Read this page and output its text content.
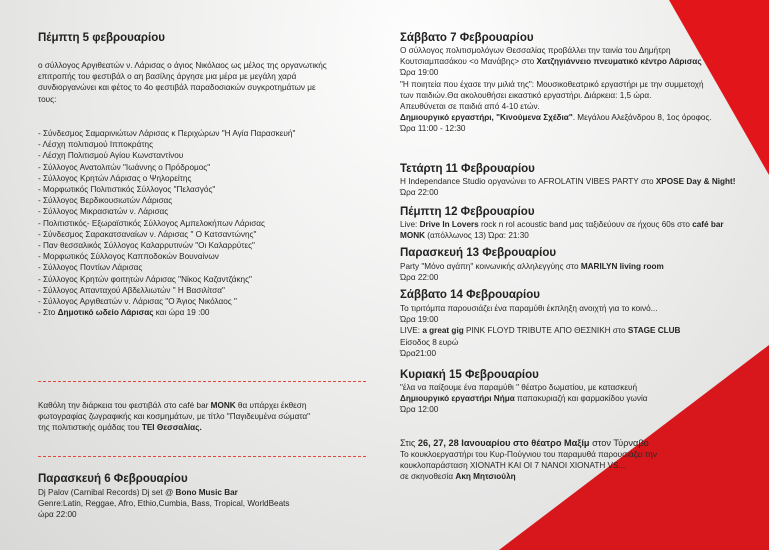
Πέμπτη 5 φεβρουαρίου

ο σύλλογος Αργιθεατών ν. Λάρισας ο άγιος Νικόλαος ως μέλος της οργανωτικής

επιτροπής του φεστιβάλ ο αη βασίλης άργησε μια μέρα με μεγάλη χαρά

συνδιοργανώνει και φέτος το 4ο φεστιβάλ παραδοσιακών συγκροτημάτων με

τους:

- Σύνδεσμος Σαμαρινιώτων Λάρισας κ Περιχώρων "Η Αγία Παρασκευή"

- Λέσχη πολιτισμού Ιπποκράτης

- Λέσχη Πολιτισμού Αγίου Κωνσταντίνου

- Σύλλογος Ανατολιτών "Ιωάννης ο Πρόδρομος"

- Σύλλογος Κρητών Λάρισας ο Ψηλορείτης

- Μορφωτικός Πολιτιστικός Σύλλογος "Πελασγός"

- Σύλλογος Βερδικουσιωτών Λάρισας

- Σύλλογος Μικρασιατών ν. Λάρισας

- Πολιτιστικός- Εξωραϊστικός Σύλλογος Αμπελοκήπων Λάρισας

- Σύνδεσμος Σαρακατσαναίων ν. Λάρισας " Ο Κατσαντώνης"

- Παν θεσσαλικός Σύλλογος Καλαρρυτινών "Οι Καλαρρύτες"

- Μορφωτικός Σύλλογος Καπποδοκών Βουναίνων

- Σύλλογος Ποντίων Λάρισας

- Σύλλογος Κρητών φοιτητών Λάρισας "Νίκος Καζαντζάκης"

- Σύλλογος Απανταχού Αβδελλιωτών " Η Βασιλίτσα"

- Σύλλογος Αργιθεατών ν. Λάρισας "Ο Άγιος Νικόλαος "

- Στο Δημοτικό ωδείο Λάρισας και ώρα 19 :00

Καθόλη την διάρκεια του φεστιβάλ στο café bar MONK θα υπάρχει έκθεση

φωτογραφίας ζωγραφικής και κοσμημάτων, με τίτλο "Παγιδευμένα σώματα"

της πολιτιστικής ομάδας του ΤΕΙ Θεσσαλίας.

Παρασκευή 6 Φεβρουαρίου

Dj Palov (Carnibal Records) Dj set @ Bono Music Bar

Genre:Latin, Reggae, Afro, Ethio,Cumbia, Bass, Tropical, WorldBeats

ώρα 22:00

Σάββατο 7 Φεβρουαρίου

Ο σύλλογος πολιτισμολόγων Θεσσαλίας προβάλλει την ταινία του Δημήτρη

Κουτσιαμπασάκου <ο Μανάβης> στο Χατζηγιάννειο πνευματικό κέντρο Λάρισας

Ώρα 19:00

"Η ποιητεία που έχασε την μιλιά της": Μουσικοθεατρικό εργαστήρι με την συμμετοχή

των παιδιών.Θα ακολουθήσει εικαστικό εργαστήρι. Διάρκεια: 1,5 ώρα.

Απευθύνεται σε παιδιά από 4-10 ετών.

Δημιουργικό εργαστήρι, "Κινούμενα Σχέδια". Μεγάλου Αλεξάνδρου 8, 1ος όροφος.

Ώρα 11:00 - 12:30

Τετάρτη 11 Φεβρουαρίου

Η Independance Studio οργανώνει το AFROLATIN VIBES PARTY στο XPOSE Day & Night!

Ώρα 22:00

Πέμπτη 12 Φεβρουαρίου

Live: Drive In Lovers rock n rol acoustic band μας ταξιδεύουν σε ήχους 60s στο café bar

MONK (απόλλωνος 13) Ώρα: 21:30

Παρασκευή 13 Φεβρουαρίου

Party "Μόνο αγάπη" κοινωνικής αλληλεγγύης στο MARILYN living room

Ώρα 22:00

Σάββατο 14 Φεβρουαρίου

Το τιριτόμπα παρουσιάζει ένα παραμύθι έκπληξη ανοιχτή για το κοινό...

Ώρα 19:00

LIVE: a great gig PINK FLOYD TRIBUTE ΑΠΟ ΘΕΣΝΙΚΗ στο STAGE CLUB

Είσοδος 8 ευρώ

Ώρα21:00

Κυριακή 15 Φεβρουαρίου

"έλα να παίξουμε ένα παραμύθι " θέατρο δωματίου, με κατασκευή

Δημιουργικό εργαστήρι Νήμα παπακυριαζή και φαρμακίδου γωνία

Ώρα 12:00

Στις 26, 27, 28 Ιανουαρίου στο θέατρο Μαξίμ στον Τύρναβο

Το κουκλοεργαστήρι του Κυρ-Πούγνιου του παραμυθά παρουσιάζει την

κουκλοπαράσταση ΧΙΟΝΑΤΗ ΚΑΙ ΟΙ 7 ΝΑΝΟΙ ΧΙΟΝΑΤΗ VS...

σε σκηνοθεσία Ακη Μητσιούλη
